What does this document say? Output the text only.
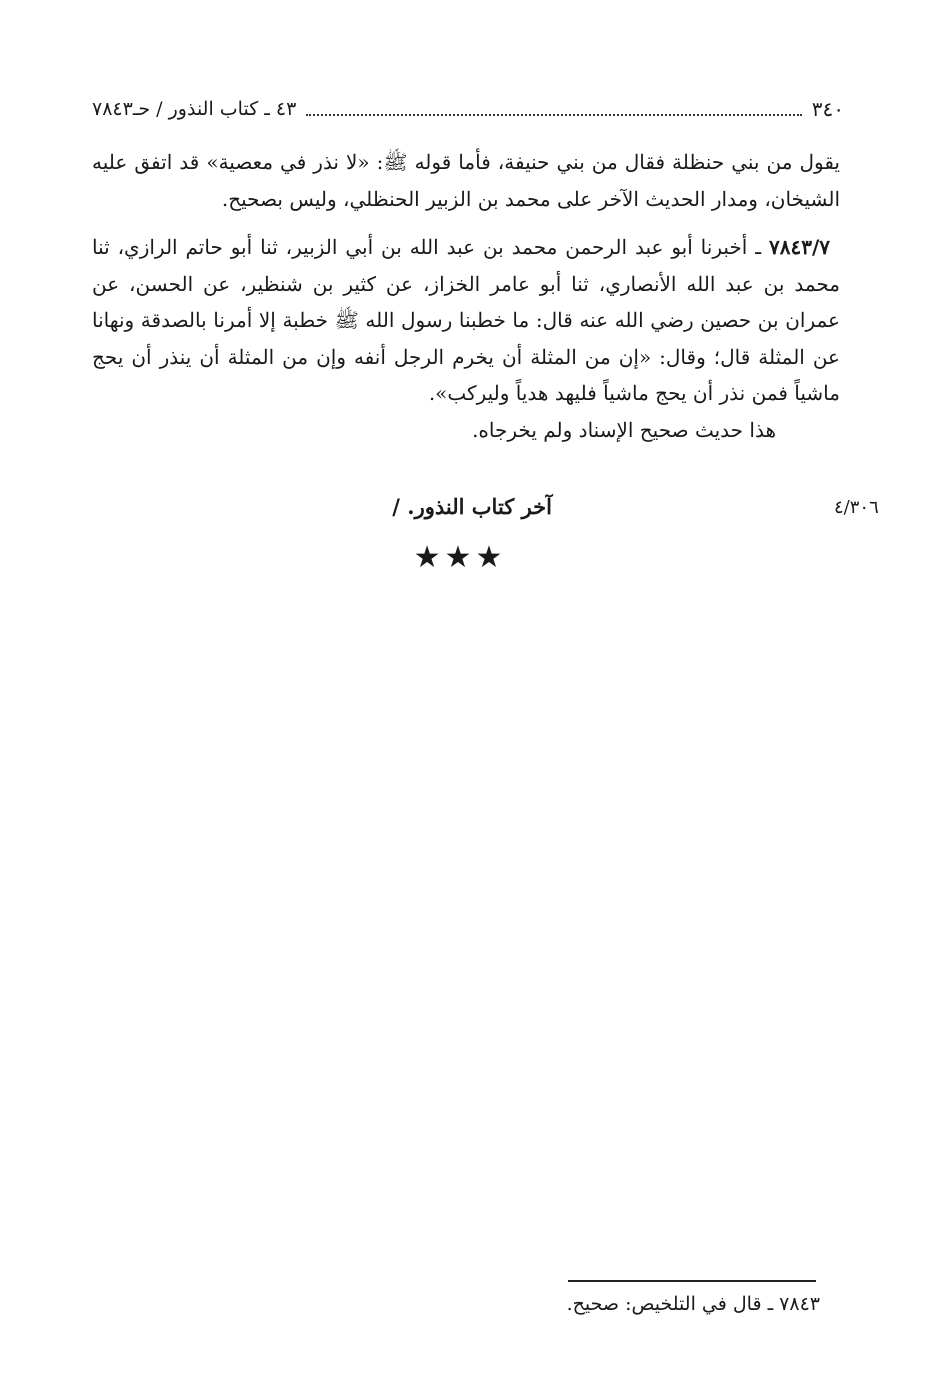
٣٤٠
٤٣ ـ كتاب النذور / حـ٧٨٤٣

يقول من بني حنظلة فقال من بني حنيفة، فأما قوله ﷺ: «لا نذر في معصية» قد اتفق عليه الشيخان، ومدار الحديث الآخر على محمد بن الزبير الحنظلي، وليس بصحيح.

٧٨٤٣/٧ ـ أخبرنا أبو عبد الرحمن محمد بن عبد الله بن أبي الزبير، ثنا أبو حاتم الرازي، ثنا محمد بن عبد الله الأنصاري، ثنا أبو عامر الخزاز، عن كثير بن شنظير، عن الحسن، عن عمران بن حصين رضي الله عنه قال: ما خطبنا رسول الله ﷺ خطبة إلا أمرنا بالصدقة ونهانا عن المثلة قال؛ وقال: «إن من المثلة أن يخرم الرجل أنفه وإن من المثلة أن ينذر أن يحج ماشياً فمن نذر أن يحج ماشياً فليهد هدياً وليركب».

هذا حديث صحيح الإسناد ولم يخرجاه.

آخر كتاب النذور. /	٤/٣٠٦
★★★
٧٨٤٣ ـ قال في التلخيص: صحيح.
